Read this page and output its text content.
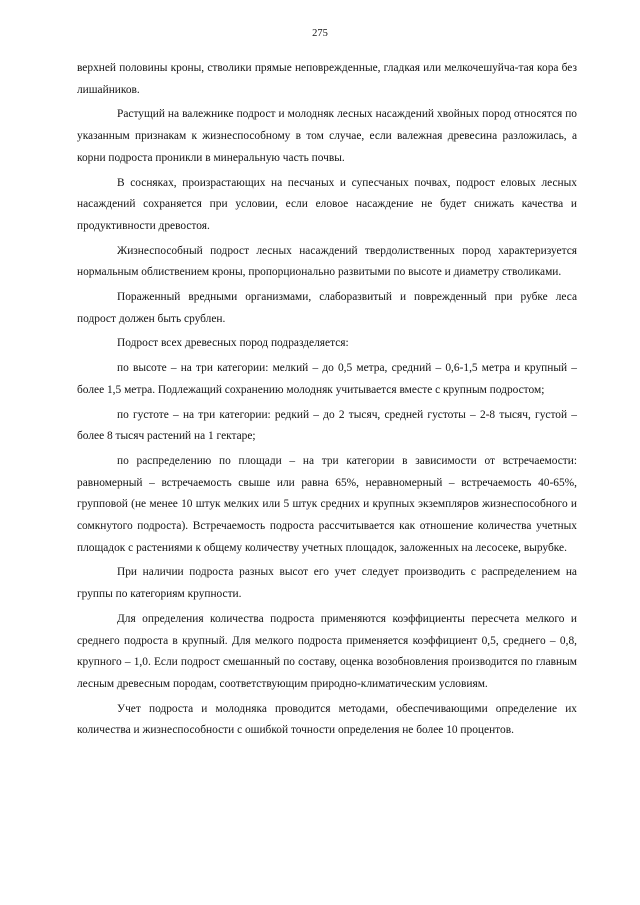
275

верхней половины кроны, стволики прямые неповрежденные, гладкая или мелкочешуйча-тая кора без лишайников.

Растущий на валежнике подрост и молодняк лесных насаждений хвойных пород относятся по указанным признакам к жизнеспособному в том случае, если валежная древесина разложилась, а корни подроста проникли в минеральную часть почвы.

В сосняках, произрастающих на песчаных и супесчаных почвах, подрост еловых лесных насаждений сохраняется при условии, если еловое насаждение не будет снижать качества и продуктивности древостоя.

Жизнеспособный подрост лесных насаждений твердолиственных пород характеризуется нормальным облиствением кроны, пропорционально развитыми по высоте и диаметру стволиками.

Пораженный вредными организмами, слаборазвитый и поврежденный при рубке леса подрост должен быть срублен.

Подрост всех древесных пород подразделяется:

по высоте – на три категории: мелкий – до 0,5 метра, средний – 0,6-1,5 метра и крупный – более 1,5 метра. Подлежащий сохранению молодняк учитывается вместе с крупным подростом;

по густоте – на три категории: редкий – до 2 тысяч, средней густоты – 2-8 тысяч, густой – более 8 тысяч растений на 1 гектаре;

по распределению по площади – на три категории в зависимости от встречаемости: равномерный – встречаемость свыше или равна 65%, неравномерный – встречаемость 40-65%, групповой (не менее 10 штук мелких или 5 штук средних и крупных экземпляров жизнеспособного и сомкнутого подроста). Встречаемость подроста рассчитывается как отношение количества учетных площадок с растениями к общему количеству учетных площадок, заложенных на лесосеке, вырубке.

При наличии подроста разных высот его учет следует производить с распределением на группы по категориям крупности.

Для определения количества подроста применяются коэффициенты пересчета мелкого и среднего подроста в крупный. Для мелкого подроста применяется коэффициент 0,5, среднего – 0,8, крупного – 1,0. Если подрост смешанный по составу, оценка возобновления производится по главным лесным древесным породам, соответствующим природно-климатическим условиям.

Учет подроста и молодняка проводится методами, обеспечивающими определение их количества и жизнеспособности с ошибкой точности определения не более 10 процентов.
